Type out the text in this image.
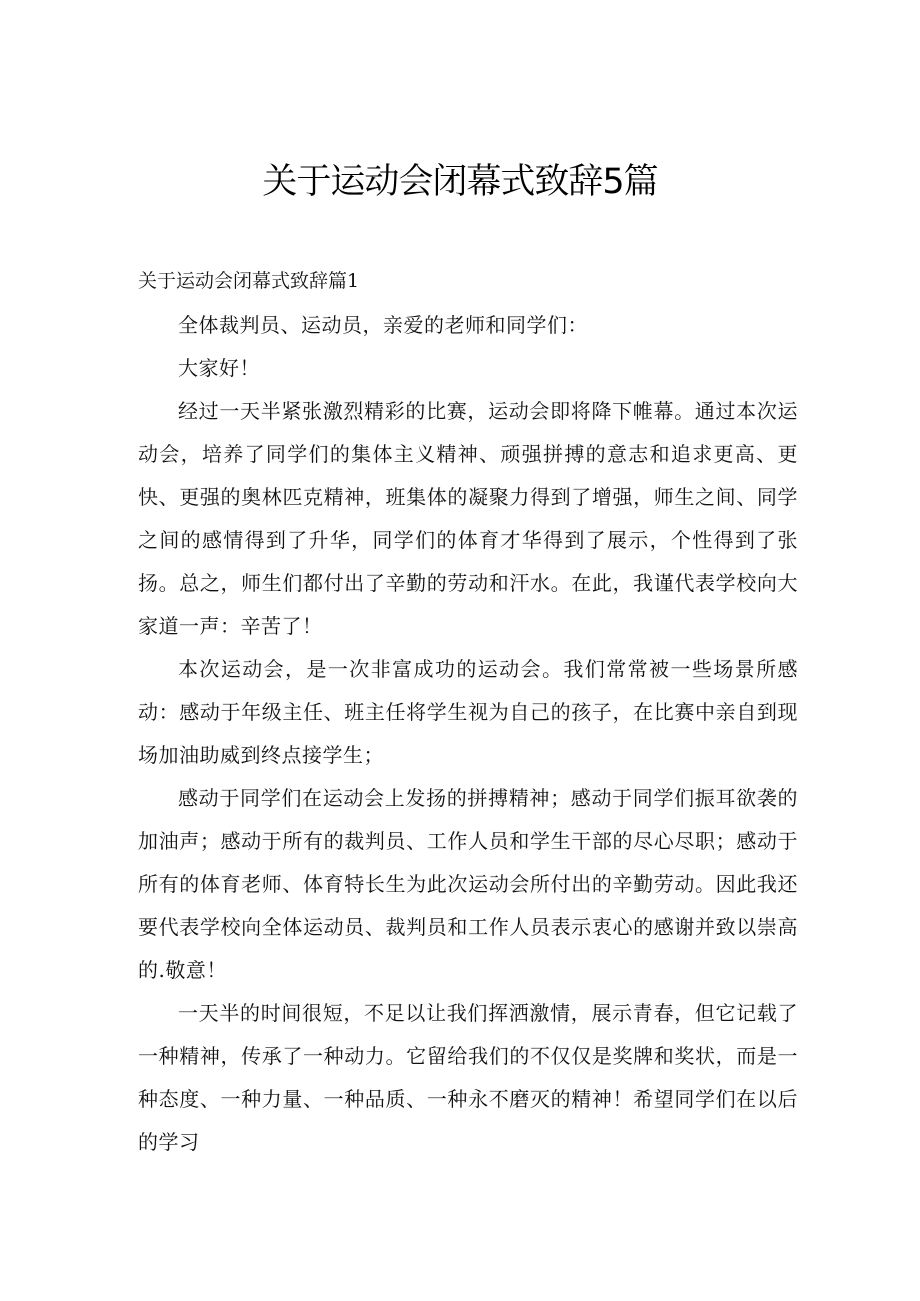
关于运动会闭幕式致辞5篇
关于运动会闭幕式致辞篇1

全体裁判员、运动员，亲爱的老师和同学们：

大家好！

经过一天半紧张激烈精彩的比赛，运动会即将降下帷幕。通过本次运动会，培养了同学们的集体主义精神、顽强拼搏的意志和追求更高、更快、更强的奥林匹克精神，班集体的凝聚力得到了增强，师生之间、同学之间的感情得到了升华，同学们的体育才华得到了展示，个性得到了张扬。总之，师生们都付出了辛勤的劳动和汗水。在此，我谨代表学校向大家道一声：辛苦了！

本次运动会，是一次非富成功的运动会。我们常常被一些场景所感动：感动于年级主任、班主任将学生视为自己的孩子，在比赛中亲自到现场加油助威到终点接学生；

感动于同学们在运动会上发扬的拼搏精神；感动于同学们振耳欲袭的加油声；感动于所有的裁判员、工作人员和学生干部的尽心尽职；感动于所有的体育老师、体育特长生为此次运动会所付出的辛勤劳动。因此我还要代表学校向全体运动员、裁判员和工作人员表示衷心的感谢并致以崇高的.敬意！

一天半的时间很短，不足以让我们挥洒激情，展示青春，但它记载了一种精神，传承了一种动力。它留给我们的不仅仅是奖牌和奖状，而是一种态度、一种力量、一种品质、一种永不磨灭的精神！希望同学们在以后的学习
